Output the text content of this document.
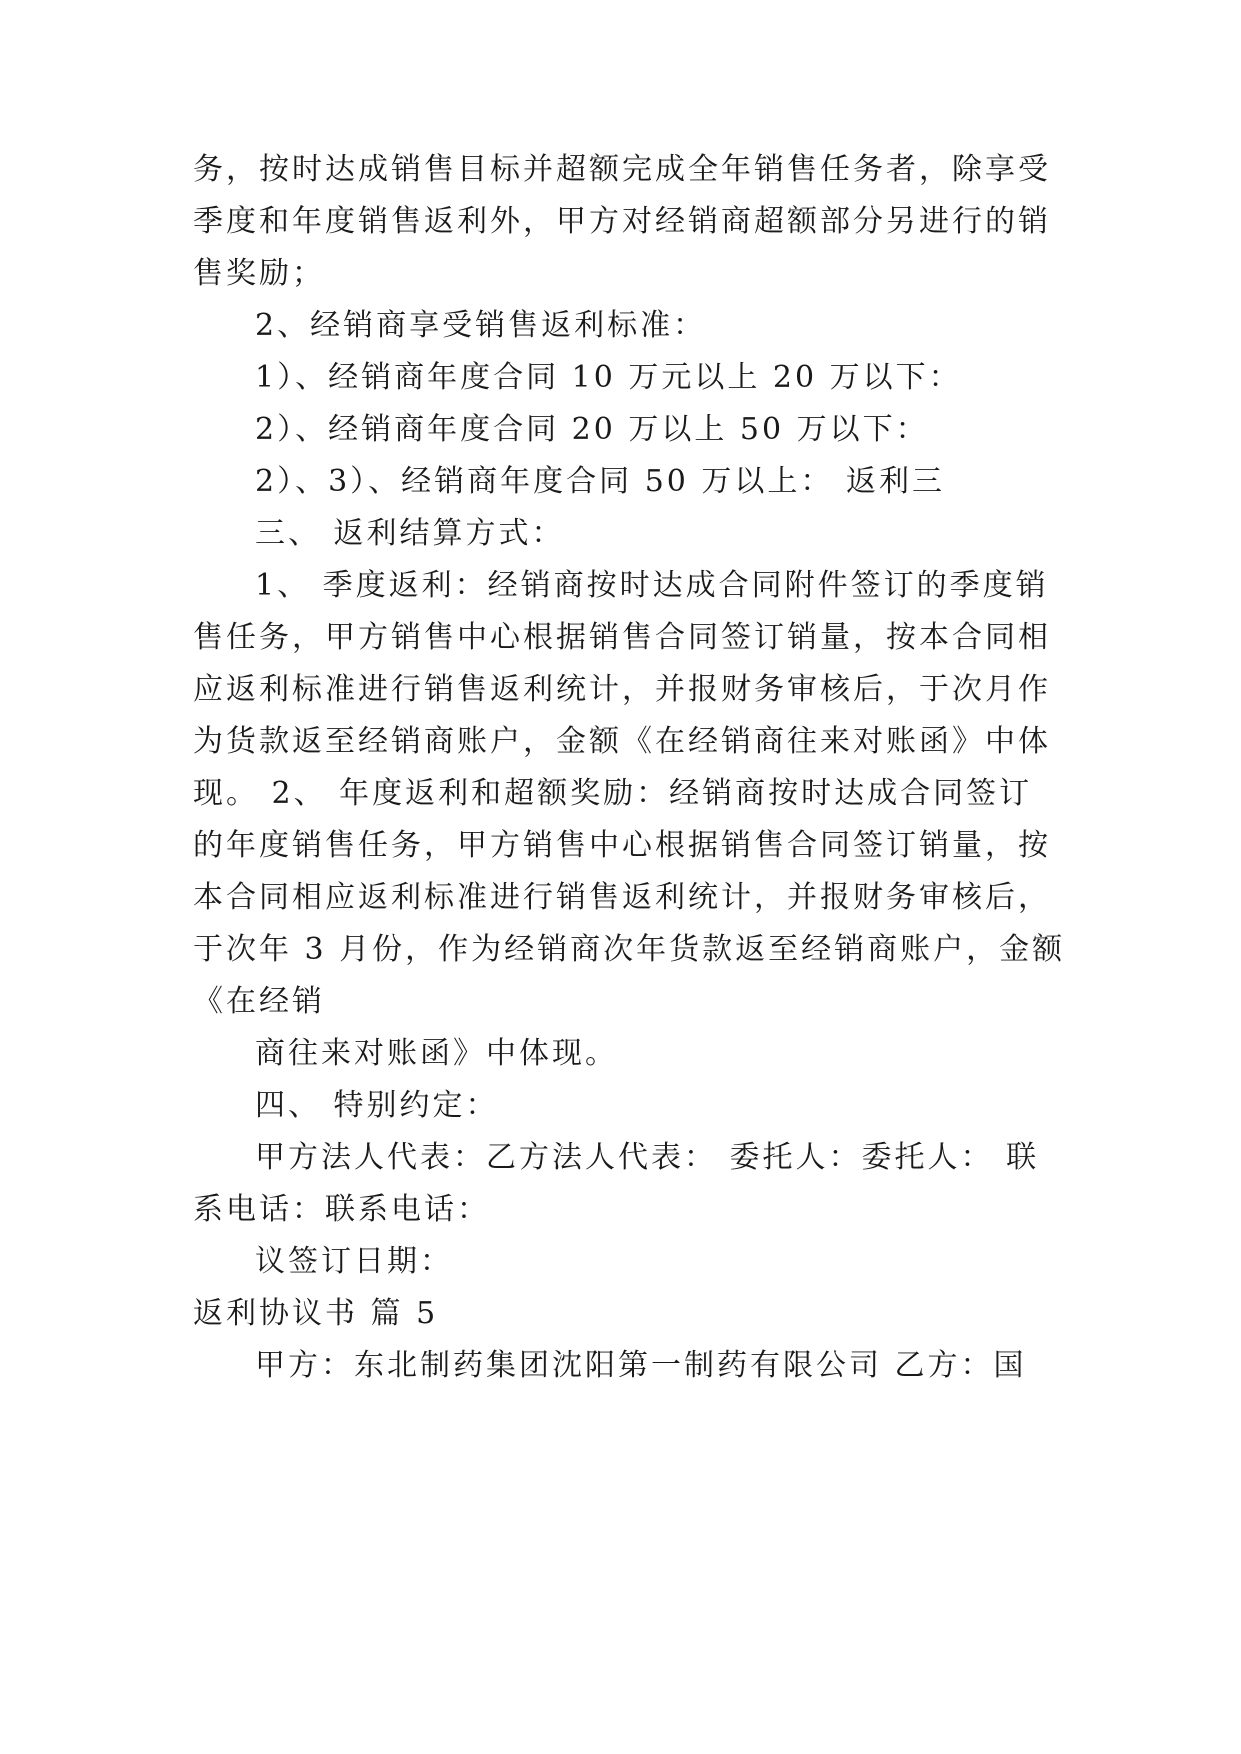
务，按时达成销售目标并超额完成全年销售任务者，除享受

季度和年度销售返利外，甲方对经销商超额部分另进行的销

售奖励；

2、经销商享受销售返利标准：

1）、经销商年度合同 10 万元以上 20 万以下：

2）、经销商年度合同 20 万以上 50 万以下：

2）、3）、经销商年度合同 50 万以上： 返利三

三、 返利结算方式：

1、 季度返利：经销商按时达成合同附件签订的季度销

售任务，甲方销售中心根据销售合同签订销量，按本合同相

应返利标准进行销售返利统计，并报财务审核后，于次月作

为货款返至经销商账户，金额《在经销商往来对账函》中体

现。 2、 年度返利和超额奖励：经销商按时达成合同签订

的年度销售任务，甲方销售中心根据销售合同签订销量，按

本合同相应返利标准进行销售返利统计，并报财务审核后，

于次年 3 月份，作为经销商次年货款返至经销商账户，金额

《在经销

商往来对账函》中体现。

四、 特别约定：

甲方法人代表：乙方法人代表： 委托人：委托人： 联

系电话：联系电话：

议签订日期：

返利协议书 篇 5

甲方：东北制药集团沈阳第一制药有限公司 乙方：国
